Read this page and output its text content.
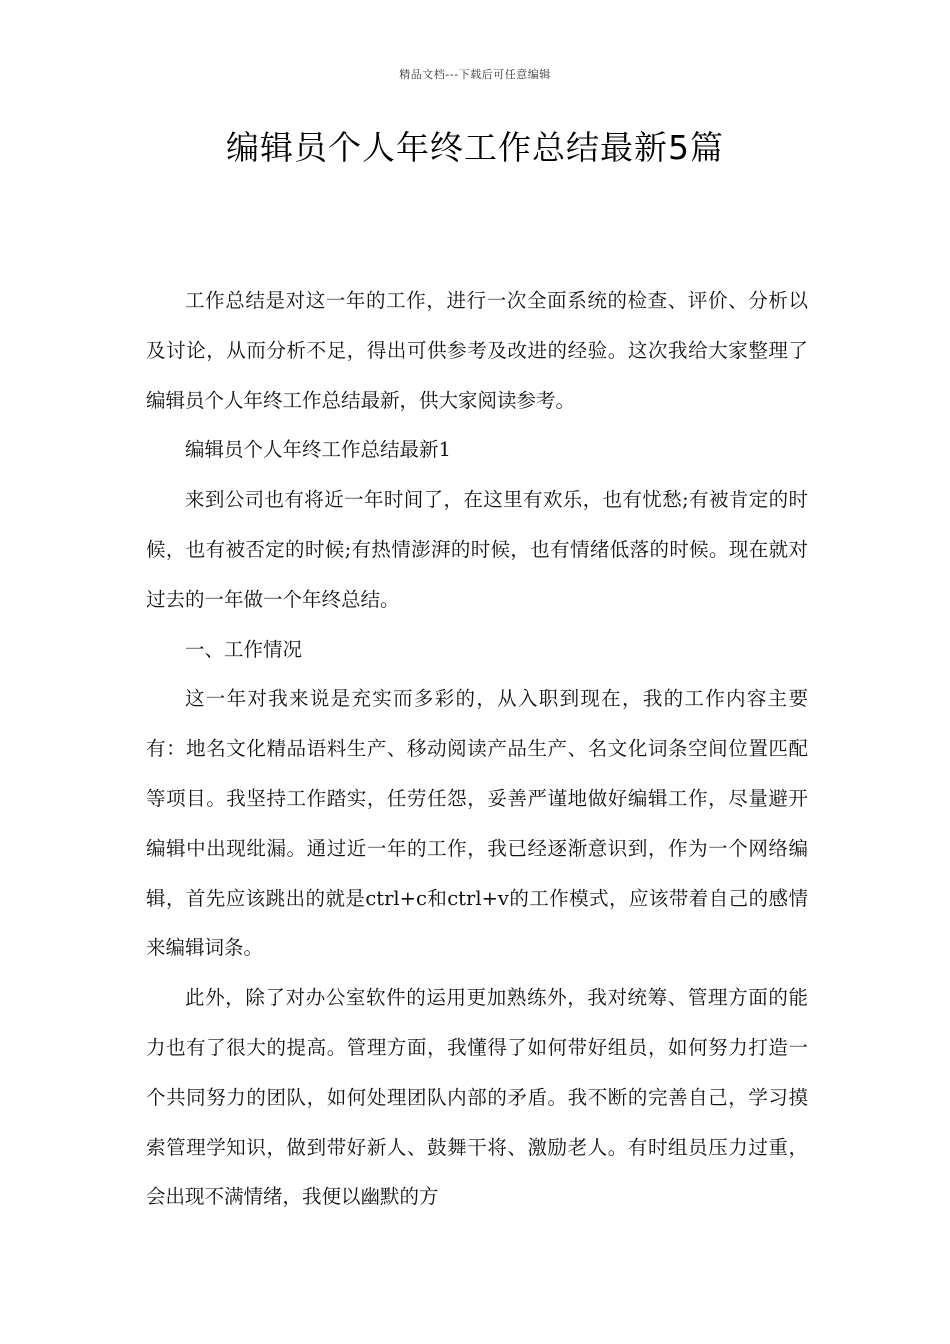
精品文档---下载后可任意编辑
编辑员个人年终工作总结最新5篇

工作总结是对这一年的工作，进行一次全面系统的检查、评价、分析以及讨论，从而分析不足，得出可供参考及改进的经验。这次我给大家整理了编辑员个人年终工作总结最新，供大家阅读参考。

编辑员个人年终工作总结最新1

来到公司也有将近一年时间了，在这里有欢乐，也有忧愁;有被肯定的时候，也有被否定的时候;有热情澎湃的时候，也有情绪低落的时候。现在就对过去的一年做一个年终总结。

一、工作情况

这一年对我来说是充实而多彩的，从入职到现在，我的工作内容主要有：地名文化精品语料生产、移动阅读产品生产、名文化词条空间位置匹配等项目。我坚持工作踏实，任劳任怨，妥善严谨地做好编辑工作，尽量避开编辑中出现纰漏。通过近一年的工作，我已经逐渐意识到，作为一个网络编辑，首先应该跳出的就是ctrl+c和ctrl+v的工作模式，应该带着自己的感情来编辑词条。

此外，除了对办公室软件的运用更加熟练外，我对统筹、管理方面的能力也有了很大的提高。管理方面，我懂得了如何带好组员，如何努力打造一个共同努力的团队，如何处理团队内部的矛盾。我不断的完善自己，学习摸索管理学知识，做到带好新人、鼓舞干将、激励老人。有时组员压力过重，会出现不满情绪，我便以幽默的方
